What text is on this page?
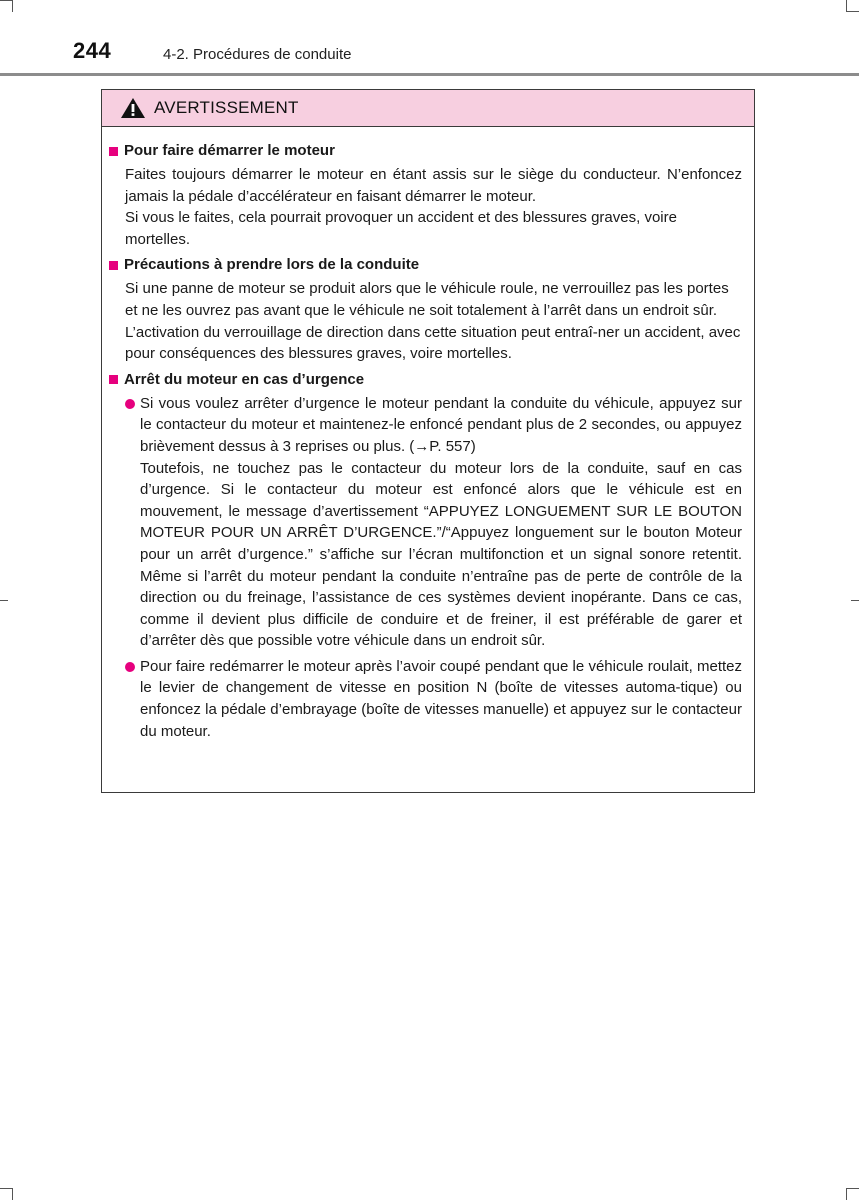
244	4-2. Procédures de conduite
AVERTISSEMENT
Pour faire démarrer le moteur

Faites toujours démarrer le moteur en étant assis sur le siège du conducteur. N’enfoncez jamais la pédale d’accélérateur en faisant démarrer le moteur.

Si vous le faites, cela pourrait provoquer un accident et des blessures graves, voire mortelles.

Précautions à prendre lors de la conduite

Si une panne de moteur se produit alors que le véhicule roule, ne verrouillez pas les portes et ne les ouvrez pas avant que le véhicule ne soit totalement à l’arrêt dans un endroit sûr. L’activation du verrouillage de direction dans cette situation peut entraî-ner un accident, avec pour conséquences des blessures graves, voire mortelles.

Arrêt du moteur en cas d’urgence

Si vous voulez arrêter d’urgence le moteur pendant la conduite du véhicule, appuyez sur le contacteur du moteur et maintenez-le enfoncé pendant plus de 2 secondes, ou appuyez brièvement dessus à 3 reprises ou plus. (→P. 557)

Toutefois, ne touchez pas le contacteur du moteur lors de la conduite, sauf en cas d’urgence. Si le contacteur du moteur est enfoncé alors que le véhicule est en mouvement, le message d’avertissement “APPUYEZ LONGUEMENT SUR LE BOUTON MOTEUR POUR UN ARRÊT D’URGENCE.”/“Appuyez longuement sur le bouton Moteur pour un arrêt d’urgence.” s’affiche sur l’écran multifonction et un signal sonore retentit. Même si l’arrêt du moteur pendant la conduite n’entraîne pas de perte de contrôle de la direction ou du freinage, l’assistance de ces systèmes devient inopérante. Dans ce cas, comme il devient plus difficile de conduire et de freiner, il est préférable de garer et d’arrêter dès que possible votre véhicule dans un endroit sûr.

Pour faire redémarrer le moteur après l’avoir coupé pendant que le véhicule roulait, mettez le levier de changement de vitesse en position N (boîte de vitesses automa-tique) ou enfoncez la pédale d’embrayage (boîte de vitesses manuelle) et appuyez sur le contacteur du moteur.
